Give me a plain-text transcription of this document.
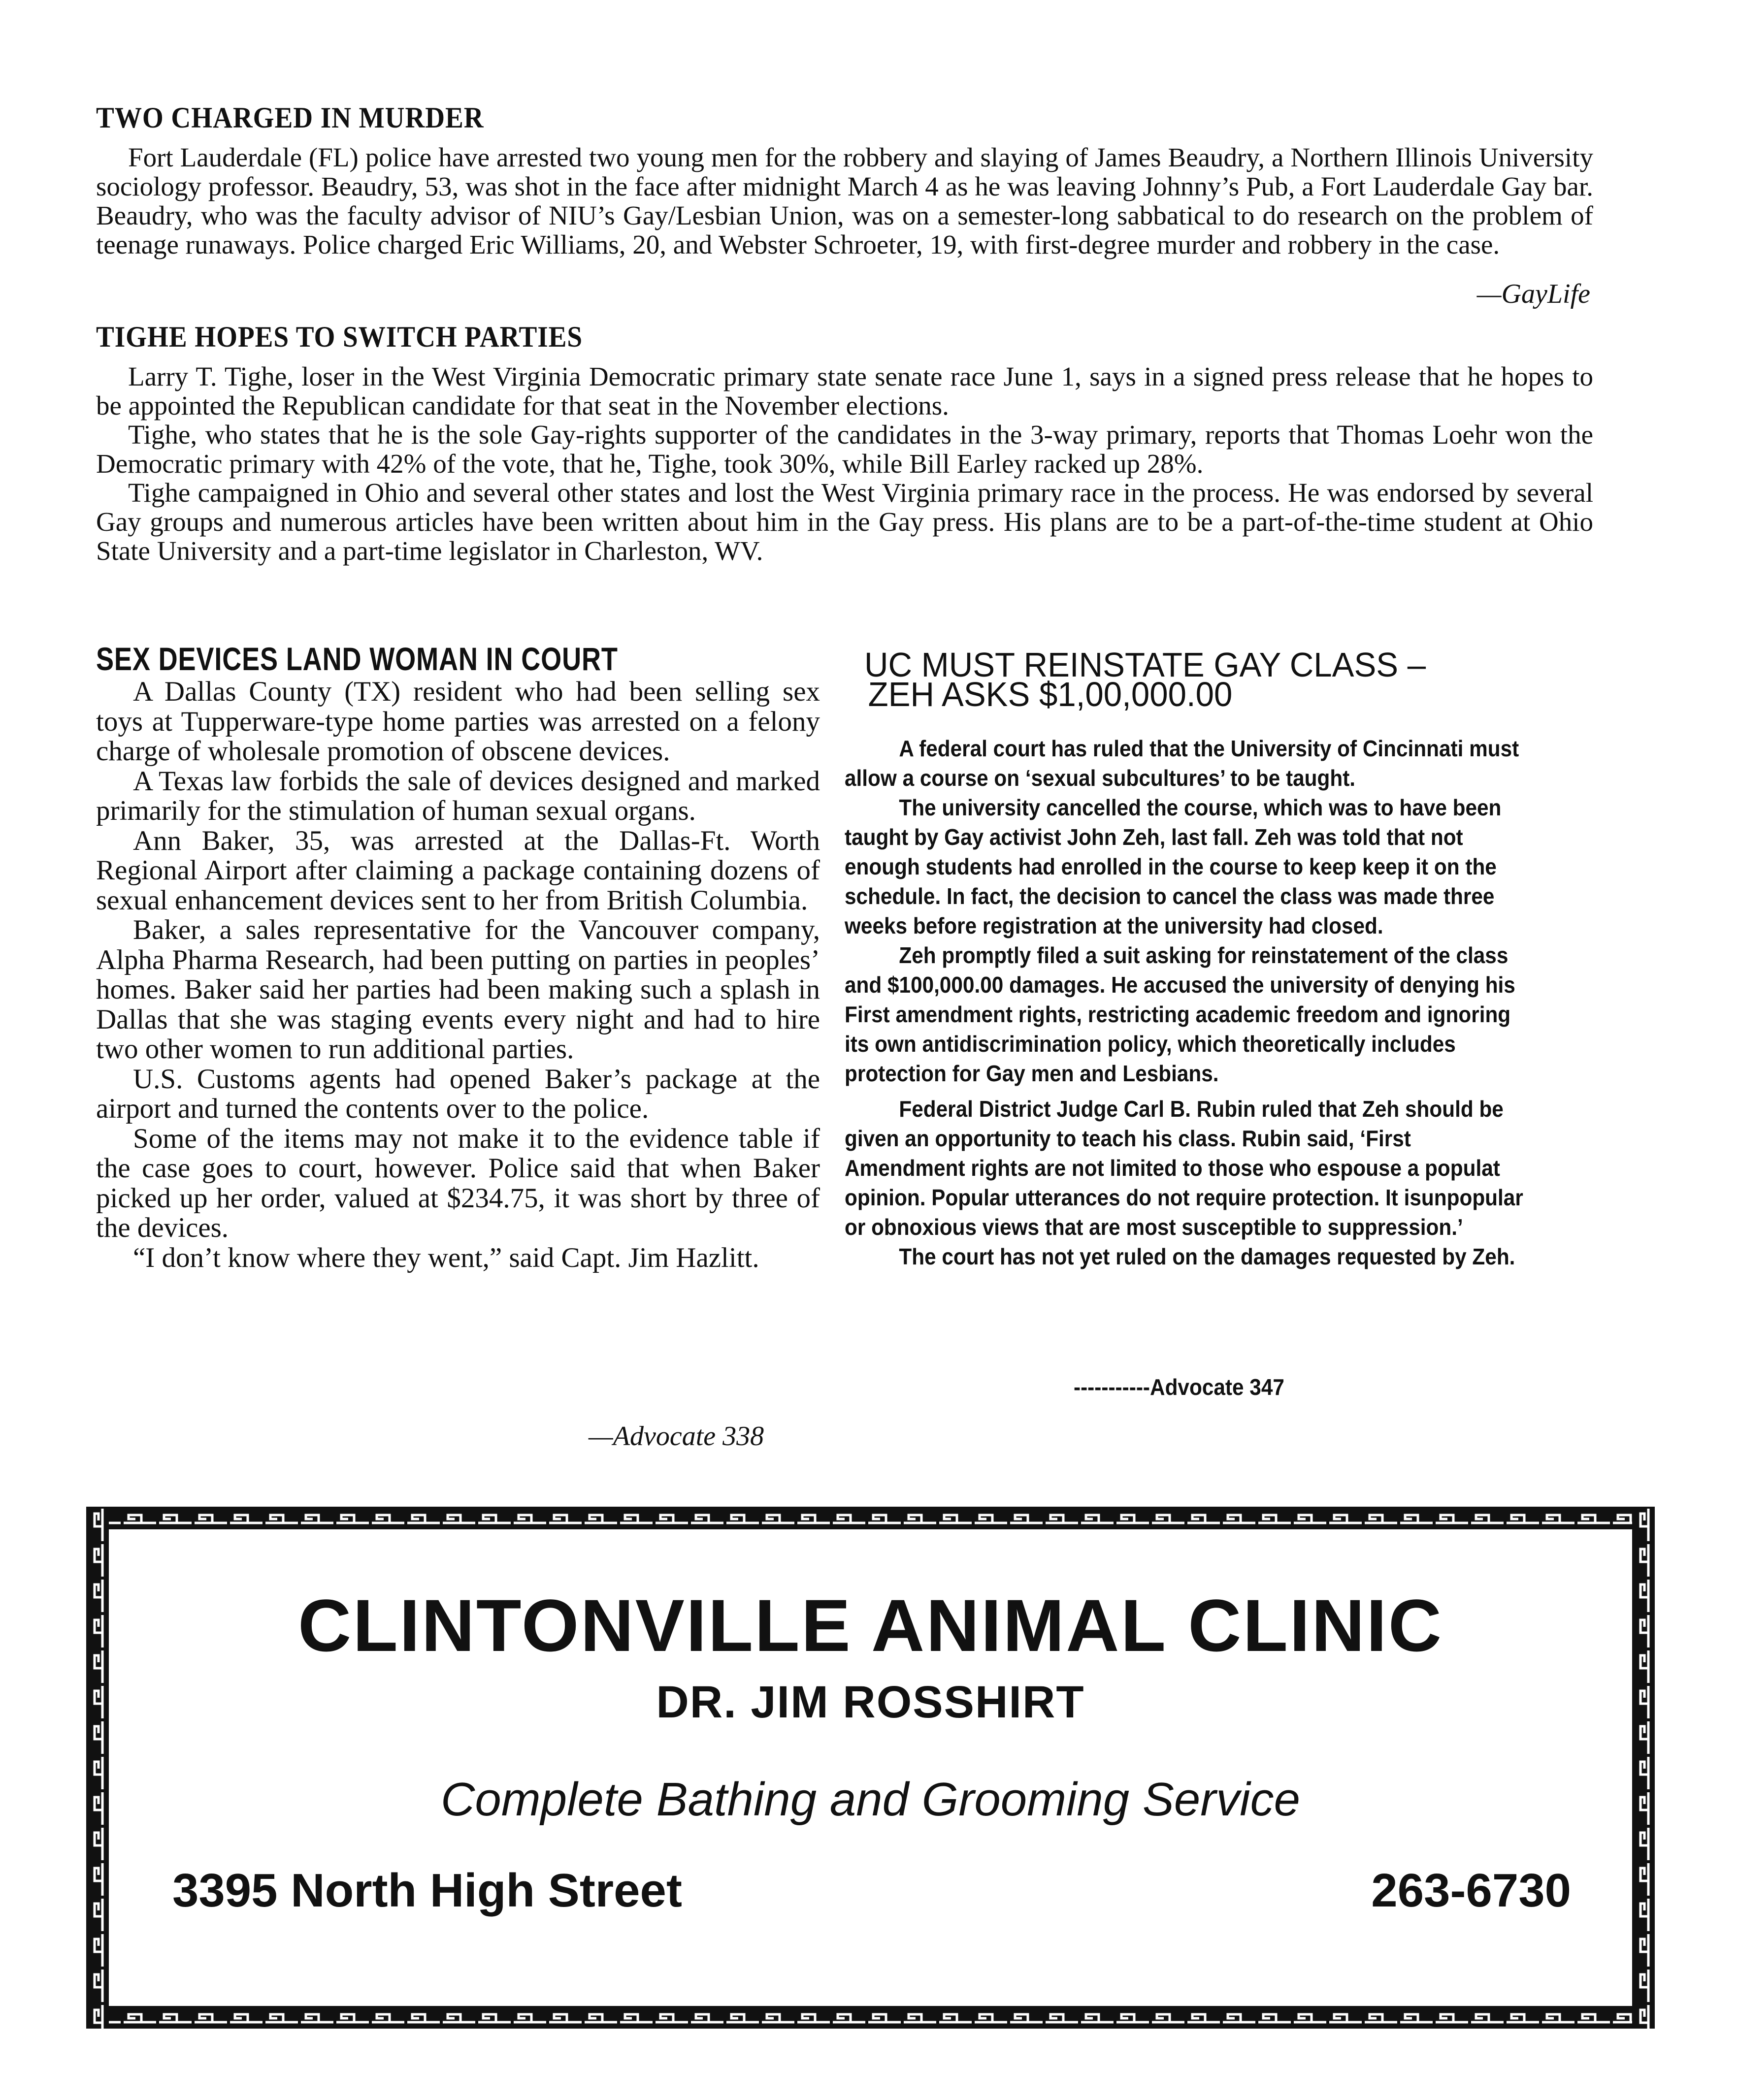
TWO CHARGED IN MURDER

Fort Lauderdale (FL) police have arrested two young men for the robbery and slaying of James Beaudry, a Northern Illinois University sociology professor. Beaudry, 53, was shot in the face after midnight March 4 as he was leaving Johnny’s Pub, a Fort Lauderdale Gay bar. Beaudry, who was the faculty advisor of NIU’s Gay/Lesbian Union, was on a semester-long sabbatical to do research on the problem of teenage runaways. Police charged Eric Williams, 20, and Webster Schroeter, 19, with first-degree murder and robbery in the case.

—GayLife
TIGHE HOPES TO SWITCH PARTIES

Larry T. Tighe, loser in the West Virginia Democratic primary state senate race June 1, says in a signed press release that he hopes to be appointed the Republican candidate for that seat in the November elections.

Tighe, who states that he is the sole Gay-rights supporter of the candidates in the 3-way primary, reports that Thomas Loehr won the Democratic primary with 42% of the vote, that he, Tighe, took 30%, while Bill Earley racked up 28%.

Tighe campaigned in Ohio and several other states and lost the West Virginia primary race in the process. He was endorsed by several Gay groups and numerous articles have been written about him in the Gay press. His plans are to be a part-of-the-time student at Ohio State University and a part-time legislator in Charleston, WV.

SEX DEVICES LAND WOMAN IN COURT

A Dallas County (TX) resident who had been selling sex toys at Tupperware-type home parties was arrested on a felony charge of wholesale promotion of obscene devices.

A Texas law forbids the sale of devices designed and marked primarily for the stimulation of human sexual organs.

Ann Baker, 35, was arrested at the Dallas-Ft. Worth Regional Airport after claiming a package containing dozens of sexual enhancement devices sent to her from British Columbia.

Baker, a sales representative for the Vancouver company, Alpha Pharma Research, had been putting on parties in peoples’ homes. Baker said her parties had been making such a splash in Dallas that she was staging events every night and had to hire two other women to run additional parties.

U.S. Customs agents had opened Baker’s package at the airport and turned the contents over to the police.

Some of the items may not make it to the evidence table if the case goes to court, however. Police said that when Baker picked up her order, valued at $234.75, it was short by three of the devices.

“I don’t know where they went,” said Capt. Jim Hazlitt.

—Advocate 338
UC MUST REINSTATE GAY CLASS –
ZEH ASKS $1,00,000.00

A federal court has ruled that the University of Cincinnati must allow a course on ‘sexual subcultures’ to be taught.

The university cancelled the course, which was to have been taught by Gay activist John Zeh, last fall. Zeh was told that not enough students had enrolled in the course to keep keep it on the schedule. In fact, the decision to cancel the class was made three weeks before registration at the university had closed.

Zeh promptly filed a suit asking for reinstatement of the class and $100,000.00 damages. He accused the university of denying his First amendment rights, restricting academic freedom and ignoring its own antidiscrimination policy, which theoretically includes protection for Gay men and Lesbians.

Federal District Judge Carl B. Rubin ruled that Zeh should be given an opportunity to teach his class. Rubin said, ‘First Amendment rights are not limited to those who espouse a populat opinion. Popular utterances do not require protection. It isunpopular or obnoxious views that are most susceptible to suppression.’

The court has not yet ruled on the damages requested by Zeh.

-----------Advocate 347
CLINTONVILLE ANIMAL CLINIC
DR. JIM ROSSHIRT
Complete Bathing and Grooming Service
3395 North High Street	263-6730
